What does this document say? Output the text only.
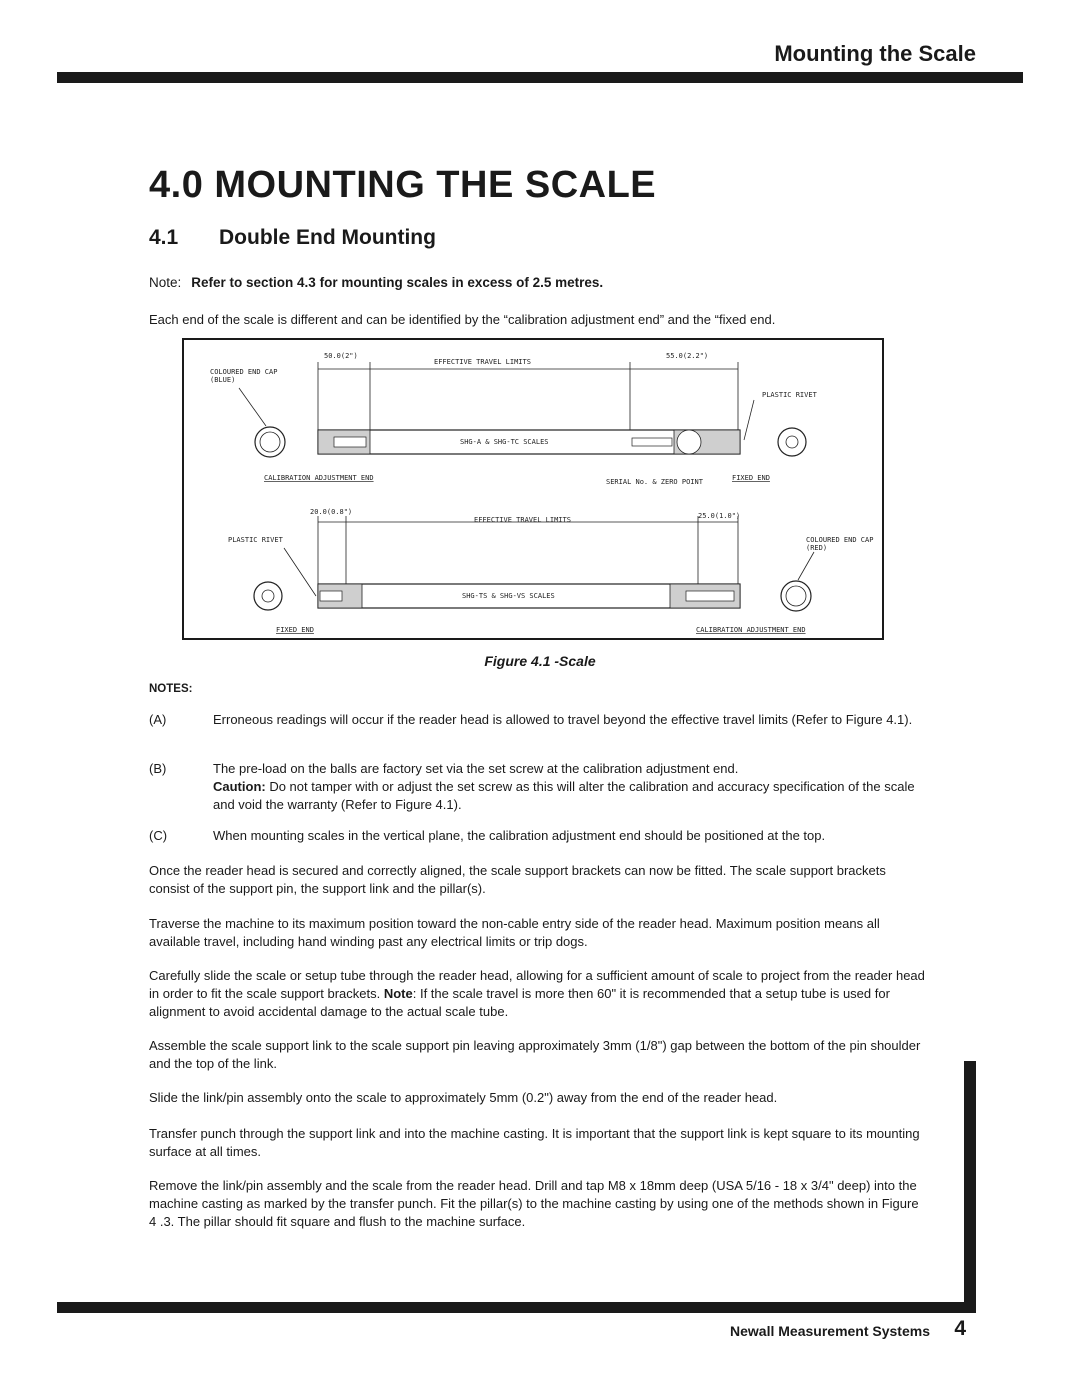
Mounting the Scale
4.0 MOUNTING THE SCALE
4.1 Double End Mounting
Note: Refer to section 4.3 for mounting scales in excess of 2.5 metres.

Each end of the scale is different and can be identified by the “calibration adjustment end” and the “fixed end.

50.0(2")
EFFECTIVE TRAVEL LIMITS
55.0(2.2")
COLOURED END CAP
(BLUE)
PLASTIC RIVET
SHG-A & SHG-TC SCALES
CALIBRATION ADJUSTMENT END	SERIAL No. & ZERO POINT	FIXED END
20.0(0.8")
EFFECTIVE TRAVEL LIMITS	25.0(1.0")
PLASTIC RIVET	COLOURED END CAP
(RED)
SHG-TS & SHG-VS SCALES
FIXED END	CALIBRATION ADJUSTMENT END
Figure 4.1 -Scale
NOTES:
(A)	Erroneous readings will occur if the reader head is allowed to travel beyond the effective travel limits (Refer to Figure 4.1).
(B)	The pre-load on the balls are factory set via the set screw at the calibration adjustment end.
Caution: Do not tamper with or adjust the set screw as this will alter the calibration and accuracy specification of the scale and void the warranty (Refer to Figure 4.1).
(C)	When mounting scales in the vertical plane, the calibration adjustment end should be positioned at the top.

Once the reader head is secured and correctly aligned, the scale support brackets can now be fitted. The scale support brackets consist of the support pin, the support link and the pillar(s).

Traverse the machine to its maximum position toward the non-cable entry side of the reader head. Maximum position means all available travel, including hand winding past any electrical limits or trip dogs.

Carefully slide the scale or setup tube through the reader head, allowing for a sufficient amount of scale to project from the reader head in order to fit the scale support brackets. Note: If the scale travel is more then 60" it is recommended that a setup tube is used for alignment to avoid accidental damage to the actual scale tube.

Assemble the scale support link to the scale support pin leaving approximately 3mm (1/8") gap between the bottom of the pin shoulder and the top of the link.

Slide the link/pin assembly onto the scale to approximately 5mm (0.2") away from the end of the reader head.

Transfer punch through the support link and into the machine casting. It is important that the support link is kept square to its mounting surface at all times.

Remove the link/pin assembly and the scale from the reader head. Drill and tap M8 x 18mm deep (USA 5/16 - 18 x 3/4" deep) into the machine casting as marked by the transfer punch. Fit the pillar(s) to the machine casting by using one of the methods shown in Figure 4 .3. The pillar should fit square and flush to the machine surface.

Newall Measurement Systems 4
